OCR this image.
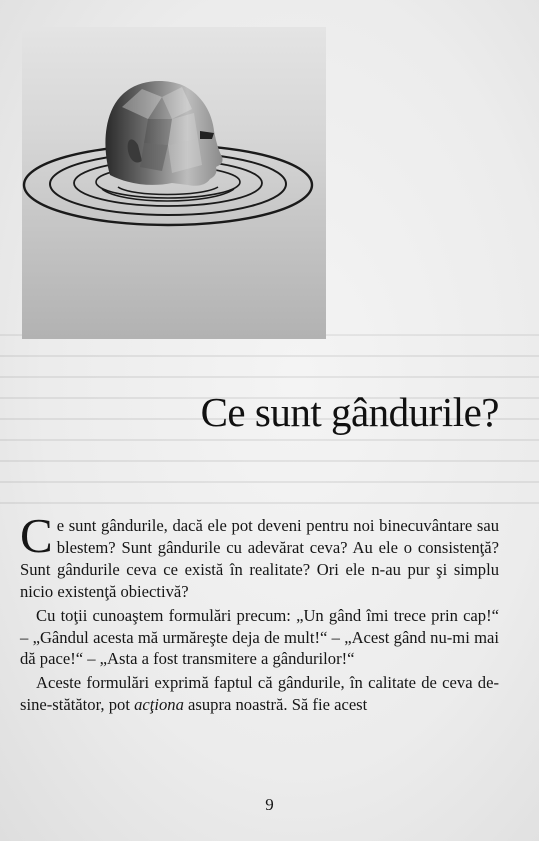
Ce sunt gândurile?

Ce sunt gândurile, dacă ele pot deveni pentru noi binecuvântare sau blestem? Sunt gândurile cu adevărat ceva? Au ele o consistenţă? Sunt gândurile ceva ce există în realitate? Ori ele n-au pur şi simplu nicio existenţă obiectivă?

Cu toţii cunoaştem formulări precum: „Un gând îmi trece prin cap!“ – „Gândul acesta mă urmăreşte deja de mult!“ – „Acest gând nu-mi mai dă pace!“ – „Asta a fost transmitere a gândurilor!“

Aceste formulări exprimă faptul că gândurile, în calitate de ceva de-sine-stătător, pot acţiona asupra noastră. Să fie acest

9
